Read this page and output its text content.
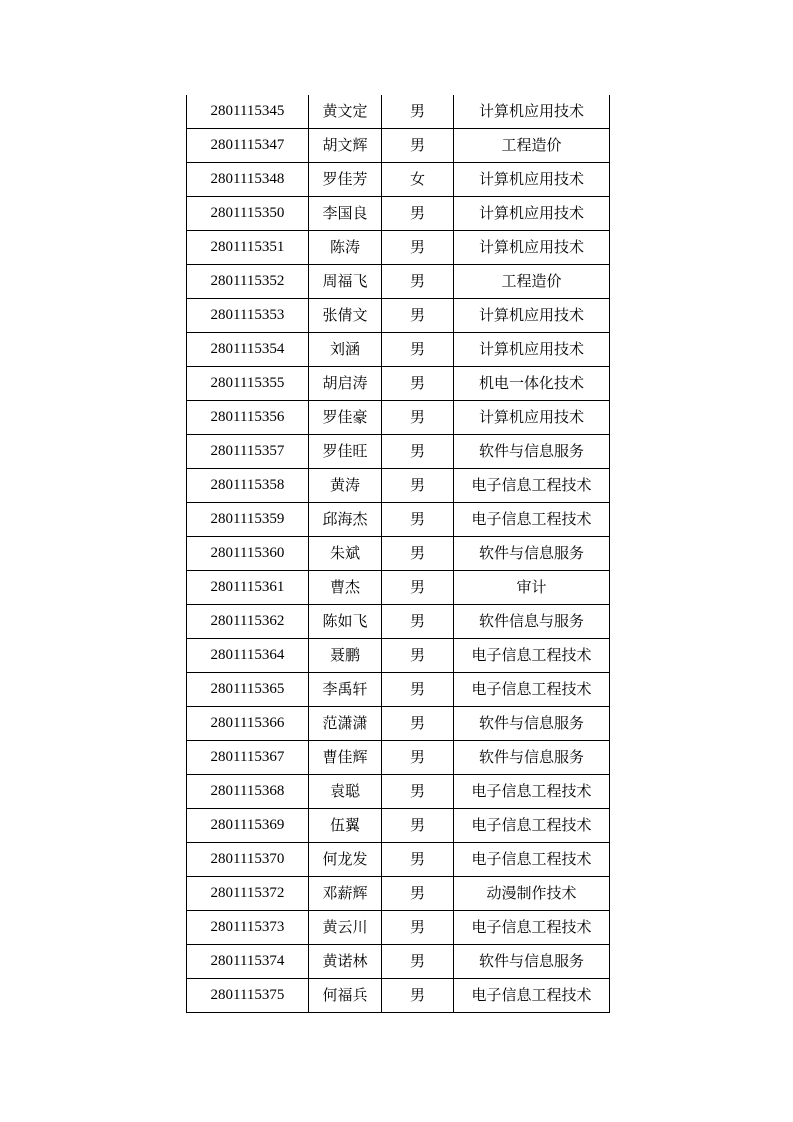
2801115345	黄文定	男	计算机应用技术
2801115347	胡文辉	男	工程造价
2801115348	罗佳芳	女	计算机应用技术
2801115350	李国良	男	计算机应用技术
2801115351	陈涛	男	计算机应用技术
2801115352	周福飞	男	工程造价
2801115353	张倩文	男	计算机应用技术
2801115354	刘涵	男	计算机应用技术
2801115355	胡启涛	男	机电一体化技术
2801115356	罗佳豪	男	计算机应用技术
2801115357	罗佳旺	男	软件与信息服务
2801115358	黄涛	男	电子信息工程技术
2801115359	邱海杰	男	电子信息工程技术
2801115360	朱斌	男	软件与信息服务
2801115361	曹杰	男	审计
2801115362	陈如飞	男	软件信息与服务
2801115364	聂鹏	男	电子信息工程技术
2801115365	李禹轩	男	电子信息工程技术
2801115366	范潇潇	男	软件与信息服务
2801115367	曹佳辉	男	软件与信息服务
2801115368	袁聪	男	电子信息工程技术
2801115369	伍翼	男	电子信息工程技术
2801115370	何龙发	男	电子信息工程技术
2801115372	邓薪辉	男	动漫制作技术
2801115373	黄云川	男	电子信息工程技术
2801115374	黄诺林	男	软件与信息服务
2801115375	何福兵	男	电子信息工程技术
